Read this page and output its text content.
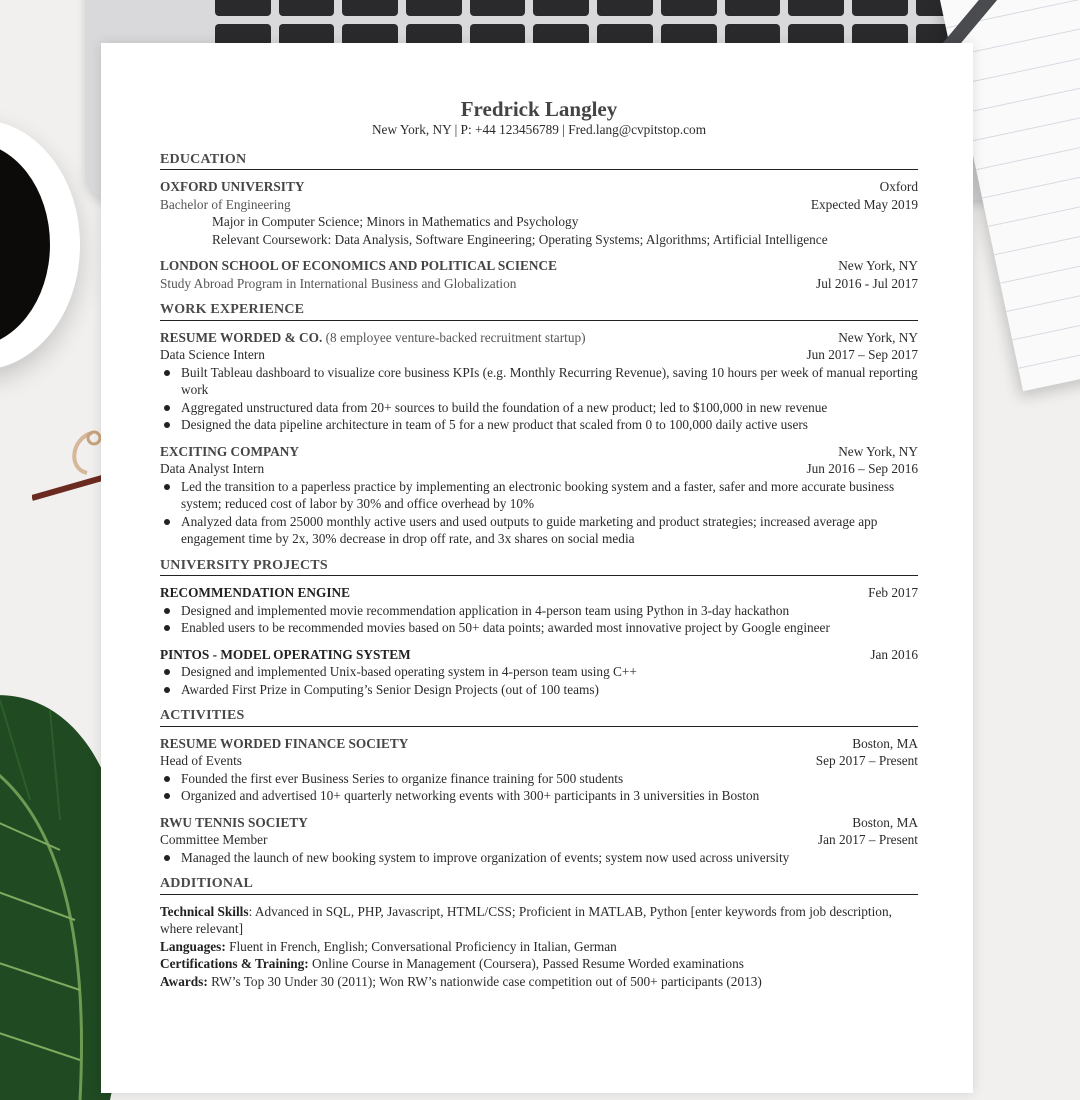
Fredrick Langley
New York, NY | P: +44 123456789 | Fred.lang@cvpitstop.com
EDUCATION
OXFORD UNIVERSITY	Oxford
Bachelor of Engineering	Expected May 2019
Major in Computer Science; Minors in Mathematics and Psychology
Relevant Coursework: Data Analysis, Software Engineering; Operating Systems; Algorithms; Artificial Intelligence
LONDON SCHOOL OF ECONOMICS AND POLITICAL SCIENCE	New York, NY
Study Abroad Program in International Business and Globalization	Jul 2016 - Jul 2017
WORK EXPERIENCE
RESUME WORDED & CO. (8 employee venture-backed recruitment startup)	New York, NY
Data Science Intern	Jun 2017 – Sep 2017
Built Tableau dashboard to visualize core business KPIs (e.g. Monthly Recurring Revenue), saving 10 hours per week of manual reporting work
Aggregated unstructured data from 20+ sources to build the foundation of a new product; led to $100,000 in new revenue
Designed the data pipeline architecture in team of 5 for a new product that scaled from 0 to 100,000 daily active users
EXCITING COMPANY	New York, NY
Data Analyst Intern	Jun 2016 – Sep 2016
Led the transition to a paperless practice by implementing an electronic booking system and a faster, safer and more accurate business system; reduced cost of labor by 30% and office overhead by 10%
Analyzed data from 25000 monthly active users and used outputs to guide marketing and product strategies; increased average app engagement time by 2x, 30% decrease in drop off rate, and 3x shares on social media
UNIVERSITY PROJECTS
RECOMMENDATION ENGINE	Feb 2017
Designed and implemented movie recommendation application in 4-person team using Python in 3-day hackathon
Enabled users to be recommended movies based on 50+ data points; awarded most innovative project by Google engineer
PINTOS - MODEL OPERATING SYSTEM	Jan 2016
Designed and implemented Unix-based operating system in 4-person team using C++
Awarded First Prize in Computing’s Senior Design Projects (out of 100 teams)
ACTIVITIES
RESUME WORDED FINANCE SOCIETY	Boston, MA
Head of Events	Sep 2017 – Present
Founded the first ever Business Series to organize finance training for 500 students
Organized and advertised 10+ quarterly networking events with 300+ participants in 3 universities in Boston
RWU TENNIS SOCIETY	Boston, MA
Committee Member	Jan 2017 – Present
Managed the launch of new booking system to improve organization of events; system now used across university
ADDITIONAL
Technical Skills: Advanced in SQL, PHP, Javascript, HTML/CSS; Proficient in MATLAB, Python [enter keywords from job description, where relevant]
Languages: Fluent in French, English; Conversational Proficiency in Italian, German
Certifications & Training: Online Course in Management (Coursera), Passed Resume Worded examinations
Awards: RW’s Top 30 Under 30 (2011); Won RW’s nationwide case competition out of 500+ participants (2013)
